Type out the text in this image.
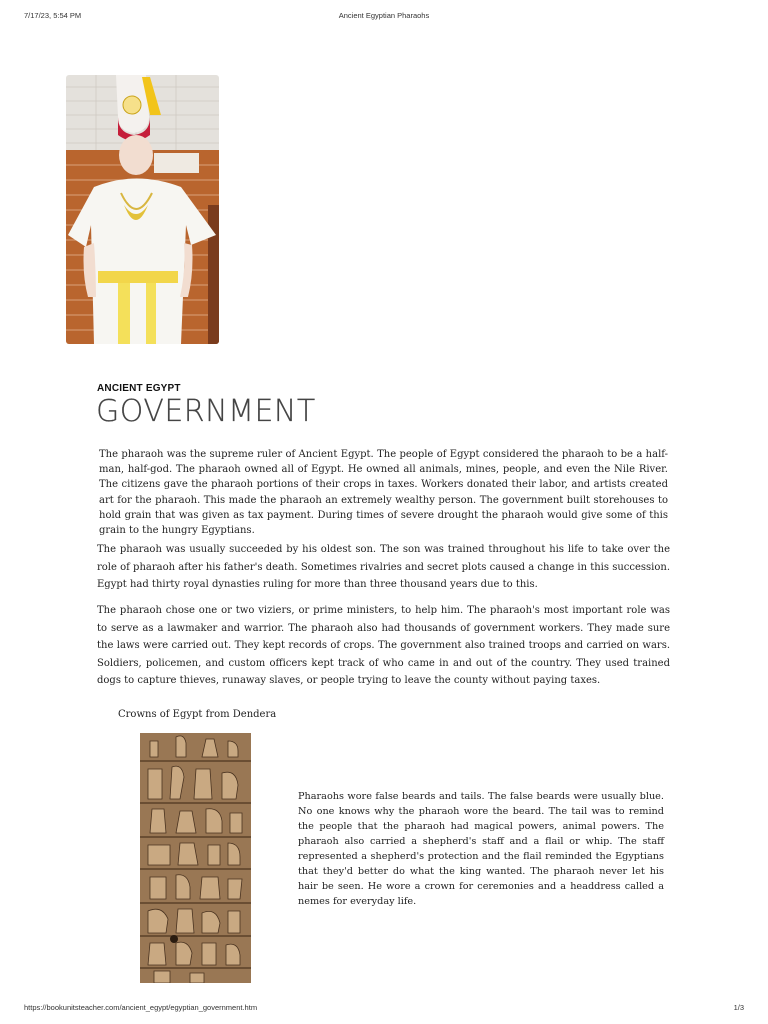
7/17/23, 5:54 PM	Ancient Egyptian Pharaohs
ANCIENT EGYPT
GOVERNMENT

The pharaoh was the supreme ruler of Ancient Egypt. The people of Egypt considered the pharaoh to be a half-man, half-god. The pharaoh owned all of Egypt. He owned all animals, mines, people, and even the Nile River. The citizens gave the pharaoh portions of their crops in taxes. Workers donated their labor, and artists created art for the pharaoh. This made the pharaoh an extremely wealthy person. The government built storehouses to hold grain that was given as tax payment. During times of severe drought the pharaoh would give some of this grain to the hungry Egyptians.

The pharaoh was usually succeeded by his oldest son. The son was trained throughout his life to take over the role of pharaoh after his father's death. Sometimes rivalries and secret plots caused a change in this succession. Egypt had thirty royal dynasties ruling for more than three thousand years due to this.

The pharaoh chose one or two viziers, or prime ministers, to help him. The pharaoh's most important role was to serve as a lawmaker and warrior. The pharaoh also had thousands of government workers. They made sure the laws were carried out. They kept records of crops. The government also trained troops and carried on wars. Soldiers, policemen, and custom officers kept track of who came in and out of the country. They used trained dogs to capture thieves, runaway slaves, or people trying to leave the county without paying taxes.

Crowns of Egypt from Dendera

Pharaohs wore false beards and tails. The false beards were usually blue. No one knows why the pharaoh wore the beard. The tail was to remind the people that the pharaoh had magical powers, animal powers. The pharaoh also carried a shepherd's staff and a flail or whip. The staff represented a shepherd's protection and the flail reminded the Egyptians that they'd better do what the king wanted. The pharaoh never let his hair be seen. He wore a crown for ceremonies and a headdress called a nemes for everyday life.

https://bookunitsteacher.com/ancient_egypt/egyptian_government.htm	1/3
